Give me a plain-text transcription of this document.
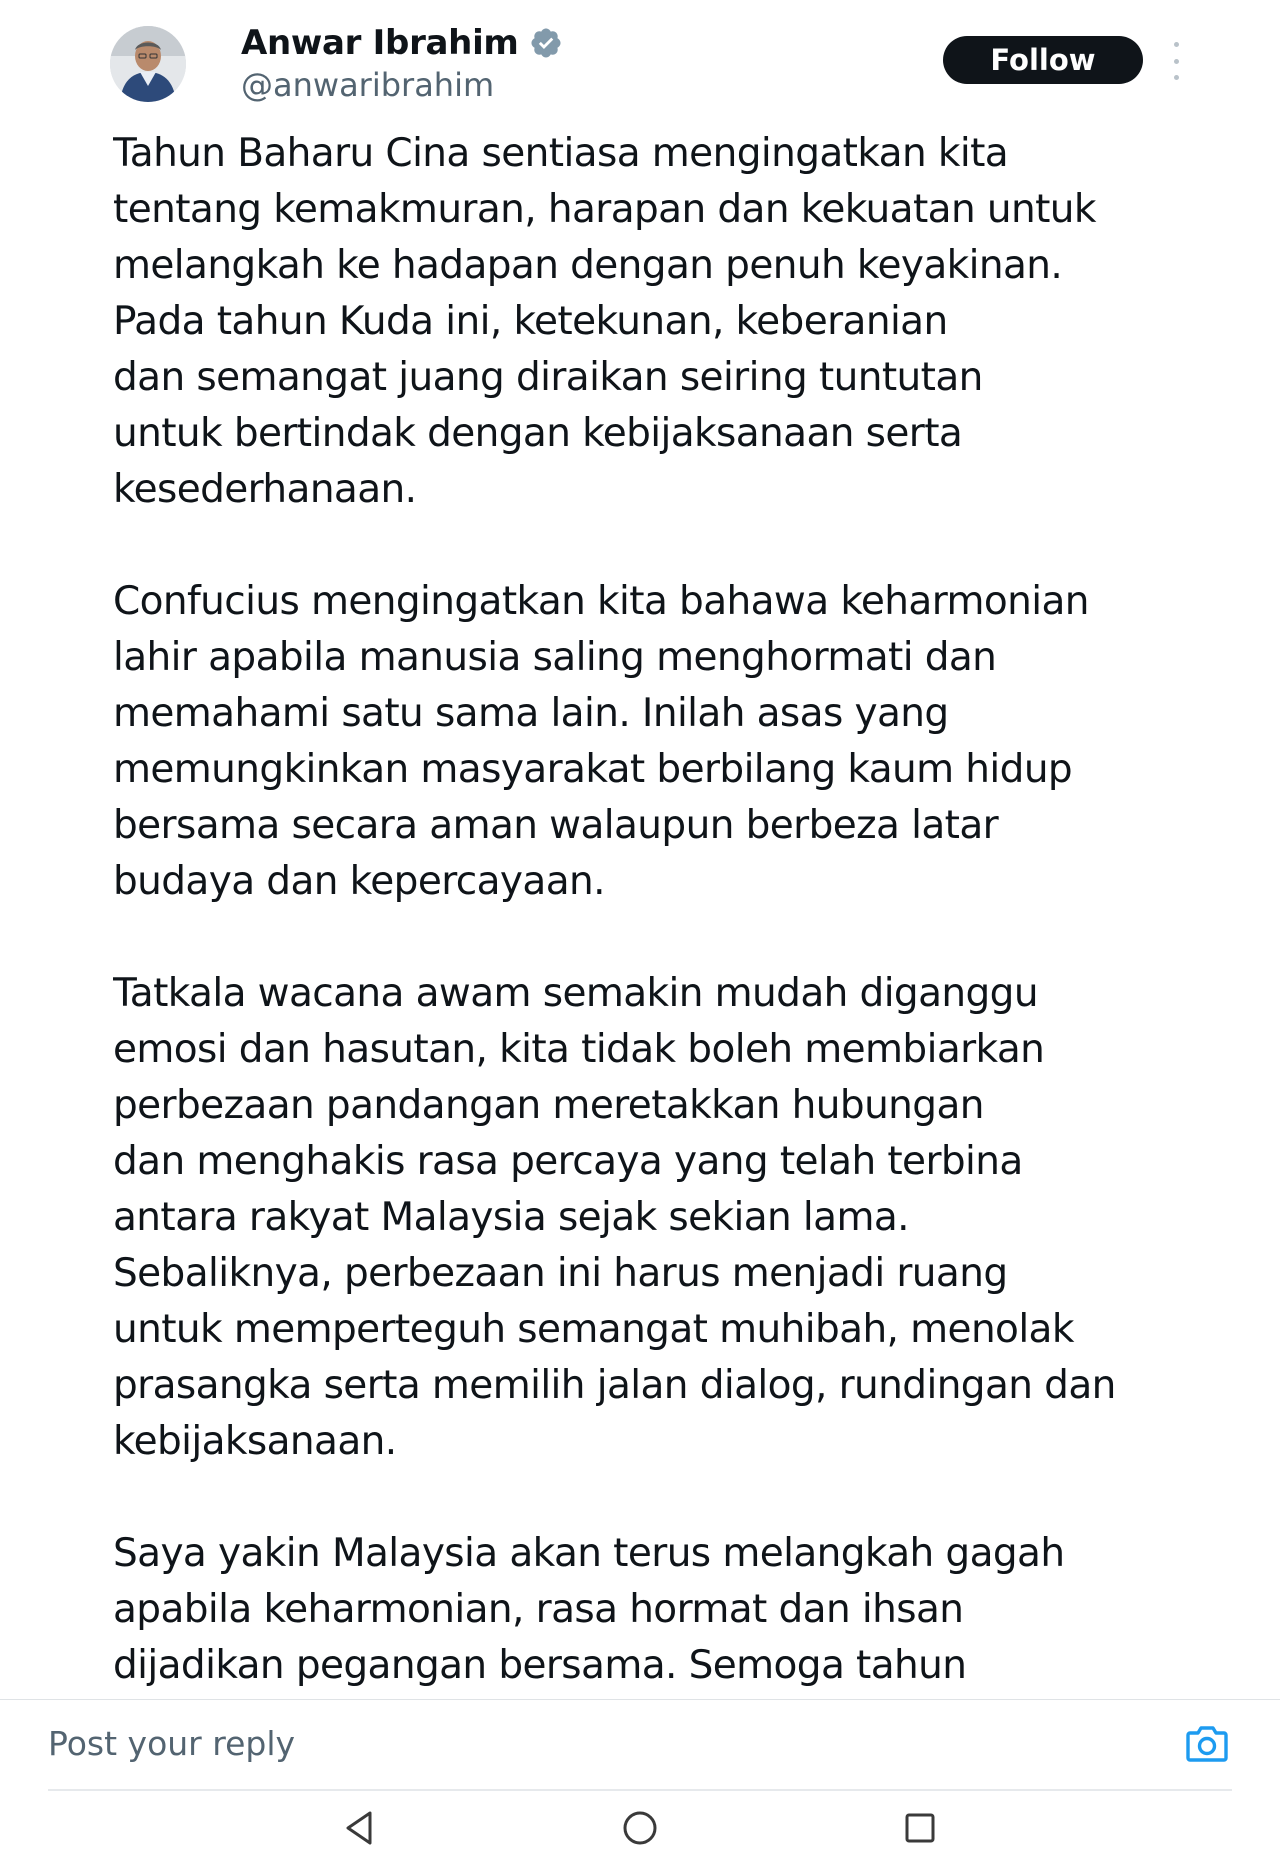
Anwar Ibrahim
@anwaribrahim
Follow

Tahun Baharu Cina sentiasa mengingatkan kita
tentang kemakmuran, harapan dan kekuatan untuk
melangkah ke hadapan dengan penuh keyakinan.
Pada tahun Kuda ini, ketekunan, keberanian
dan semangat juang diraikan seiring tuntutan
untuk bertindak dengan kebijaksanaan serta
kesederhanaan.

Confucius mengingatkan kita bahawa keharmonian
lahir apabila manusia saling menghormati dan
memahami satu sama lain. Inilah asas yang
memungkinkan masyarakat berbilang kaum hidup
bersama secara aman walaupun berbeza latar
budaya dan kepercayaan.

Tatkala wacana awam semakin mudah diganggu
emosi dan hasutan, kita tidak boleh membiarkan
perbezaan pandangan meretakkan hubungan
dan menghakis rasa percaya yang telah terbina
antara rakyat Malaysia sejak sekian lama.
Sebaliknya, perbezaan ini harus menjadi ruang
untuk memperteguh semangat muhibah, menolak
prasangka serta memilih jalan dialog, rundingan dan
kebijaksanaan.

Saya yakin Malaysia akan terus melangkah gagah
apabila keharmonian, rasa hormat dan ihsan
dijadikan pegangan bersama. Semoga tahun

Post your reply
